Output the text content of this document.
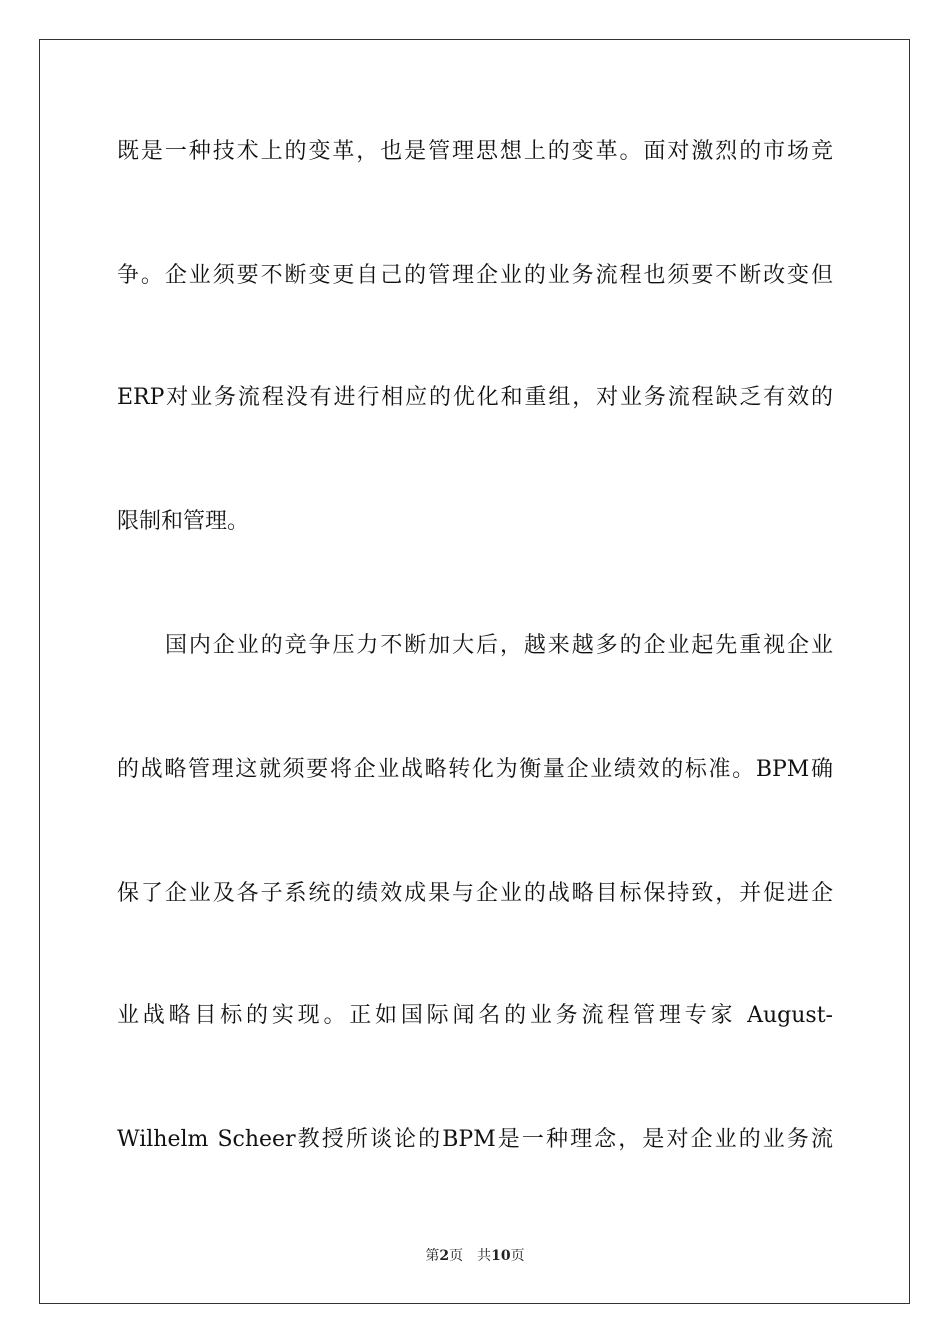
既是一种技术上的变革，也是管理思想上的变革。面对激烈的市场竞
争。企业须要不断变更自己的管理企业的业务流程也须要不断改变但
ERP对业务流程没有进行相应的优化和重组，对业务流程缺乏有效的
限制和管理。
国内企业的竞争压力不断加大后，越来越多的企业起先重视企业
的战略管理这就须要将企业战略转化为衡量企业绩效的标准。BPM确
保了企业及各子系统的绩效成果与企业的战略目标保持致，并促进企
业战略目标的实现。正如国际闻名的业务流程管理专家 August-
Wilhelm Scheer教授所谈论的BPM是一种理念，是对企业的业务流
第2页 共10页
